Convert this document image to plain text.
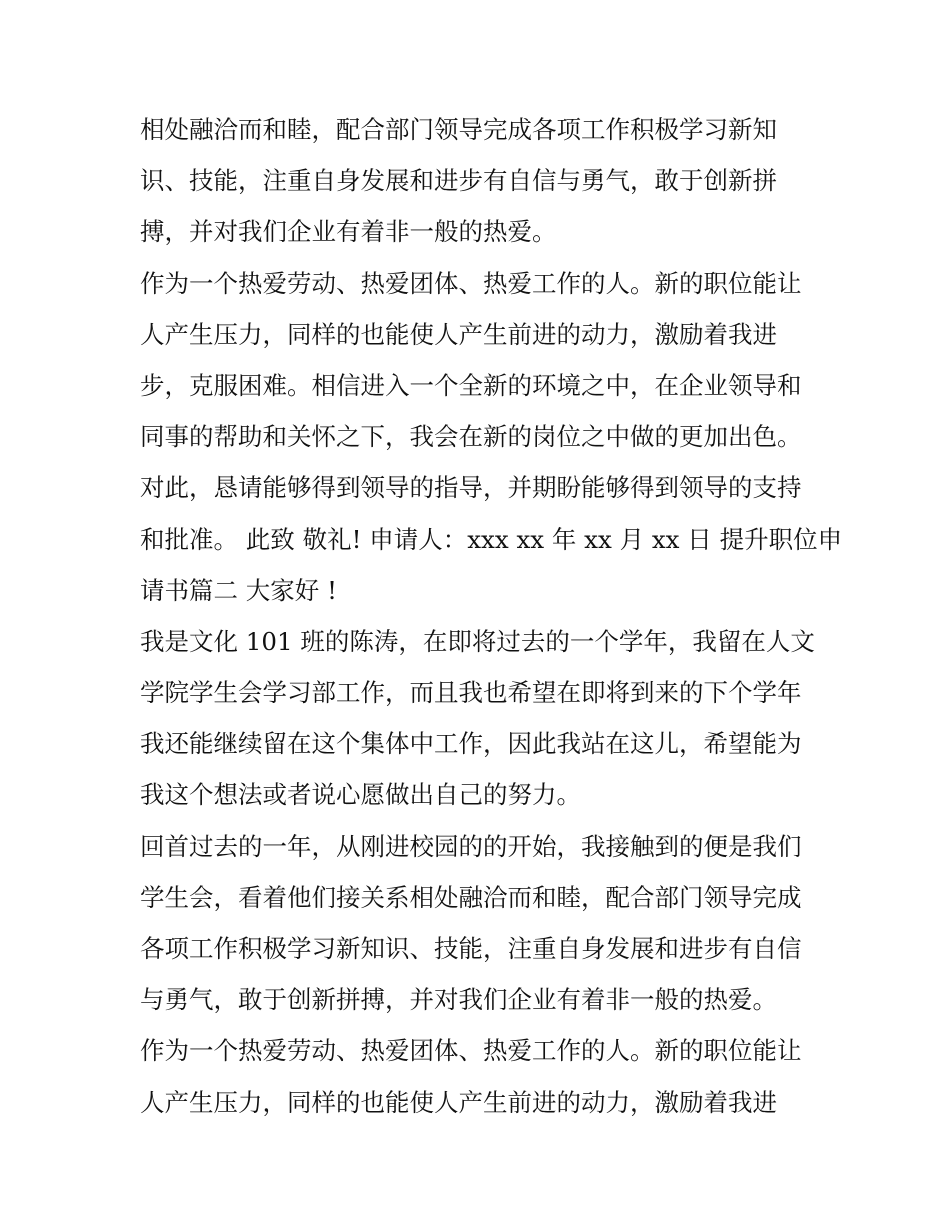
相处融洽而和睦，配合部门领导完成各项工作积极学习新知
识、技能，注重自身发展和进步有自信与勇气，敢于创新拼
搏，并对我们企业有着非一般的热爱。
作为一个热爱劳动、热爱团体、热爱工作的人。新的职位能让
人产生压力，同样的也能使人产生前进的动力，激励着我进
步，克服困难。相信进入一个全新的环境之中，在企业领导和
同事的帮助和关怀之下，我会在新的岗位之中做的更加出色。
对此，恳请能够得到领导的指导，并期盼能够得到领导的支持
和批准。 此致 敬礼! 申请人：xxx xx 年 xx 月 xx 日 提升职位申
请书篇二 大家好 !
我是文化 101 班的陈涛，在即将过去的一个学年，我留在人文
学院学生会学习部工作，而且我也希望在即将到来的下个学年
我还能继续留在这个集体中工作，因此我站在这儿，希望能为
我这个想法或者说心愿做出自己的努力。
回首过去的一年，从刚进校园的的开始，我接触到的便是我们
学生会，看着他们接关系相处融洽而和睦，配合部门领导完成
各项工作积极学习新知识、技能，注重自身发展和进步有自信
与勇气，敢于创新拼搏，并对我们企业有着非一般的热爱。
作为一个热爱劳动、热爱团体、热爱工作的人。新的职位能让
人产生压力，同样的也能使人产生前进的动力，激励着我进
